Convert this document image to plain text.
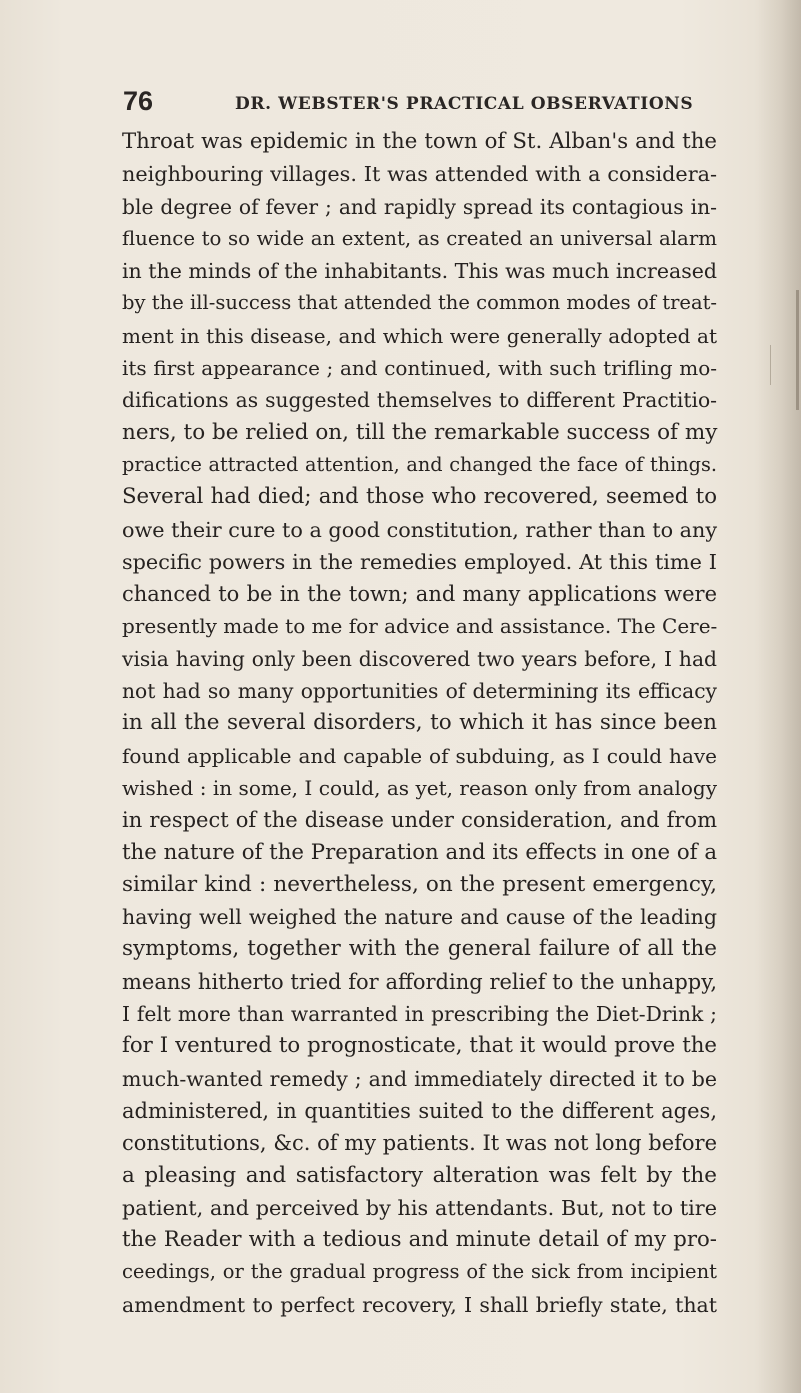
76	DR. WEBSTER'S PRACTICAL OBSERVATIONS
Throat was epidemic in the town of St. Alban's and the
neighbouring villages. It was attended with a considera-
ble degree of fever ; and rapidly spread its contagious in-
fluence to so wide an extent, as created an universal alarm
in the minds of the inhabitants. This was much increased
by the ill-success that attended the common modes of treat-
ment in this disease, and which were generally adopted at
its first appearance ; and continued, with such trifling mo-
difications as suggested themselves to different Practitio-
ners, to be relied on, till the remarkable success of my
practice attracted attention, and changed the face of things.
Several had died; and those who recovered, seemed to
owe their cure to a good constitution, rather than to any
specific powers in the remedies employed. At this time I
chanced to be in the town; and many applications were
presently made to me for advice and assistance. The Cere-
visia having only been discovered two years before, I had
not had so many opportunities of determining its efficacy
in all the several disorders, to which it has since been
found applicable and capable of subduing, as I could have
wished : in some, I could, as yet, reason only from analogy
in respect of the disease under consideration, and from
the nature of the Preparation and its effects in one of a
similar kind : nevertheless, on the present emergency,
having well weighed the nature and cause of the leading
symptoms, together with the general failure of all the
means hitherto tried for affording relief to the unhappy,
I felt more than warranted in prescribing the Diet-Drink ;
for I ventured to prognosticate, that it would prove the
much-wanted remedy ; and immediately directed it to be
administered, in quantities suited to the different ages,
constitutions, &c. of my patients. It was not long before
a pleasing and satisfactory alteration was felt by the
patient, and perceived by his attendants. But, not to tire
the Reader with a tedious and minute detail of my pro-
ceedings, or the gradual progress of the sick from incipient
amendment to perfect recovery, I shall briefly state, that
